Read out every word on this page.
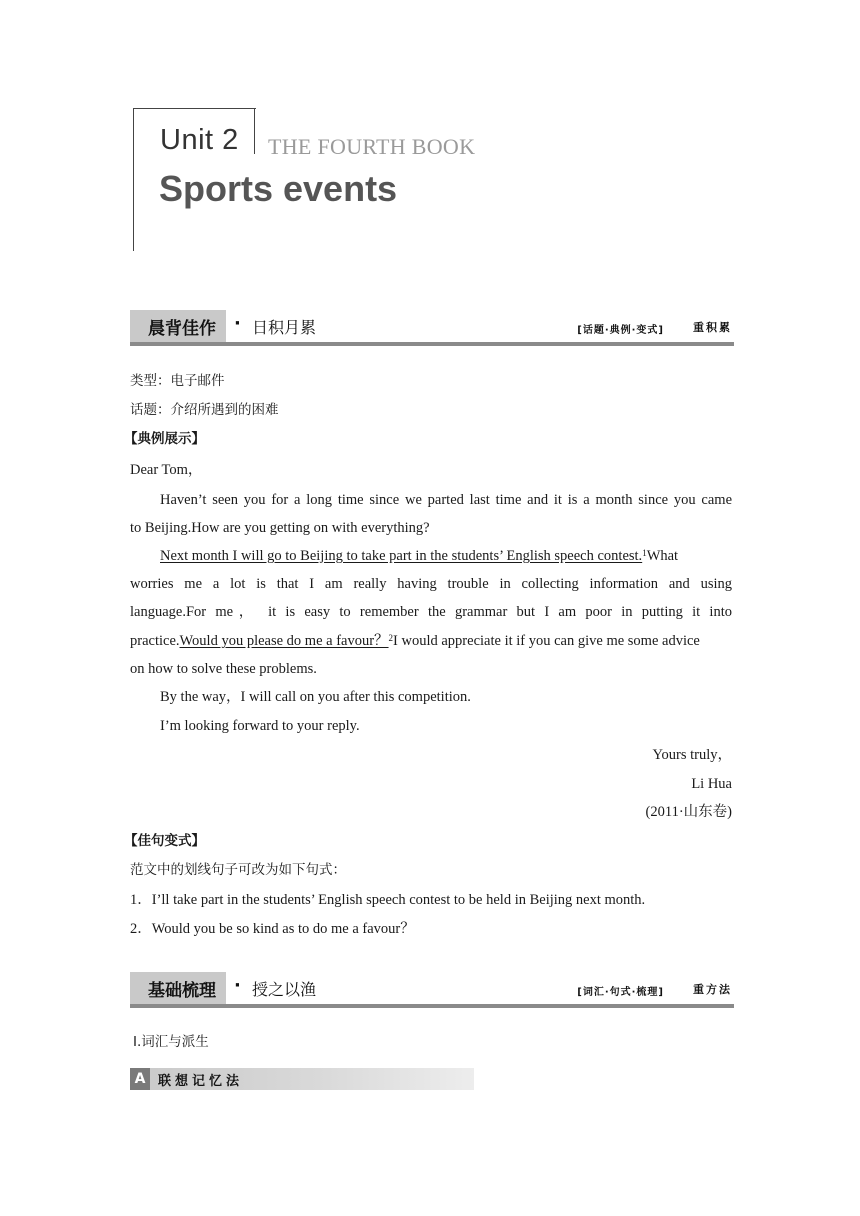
Unit 2 THE FOURTH BOOK
Sports events
晨背佳作 · 日积月累	[话题·典例·变式]	重积累
类型：电子邮件
话题：介绍所遇到的困难
【典例展示】
Dear Tom，
Haven’t seen you for a long time since we parted last time and it is a month since you came
to Beijing.How are you getting on with everything?
Next month I will go to Beijing to take part in the students’ English speech contest.$^1$What
worries me a lot is that I am really having trouble in collecting information and using
language.For me， it is easy to remember the grammar but I am poor in putting it into
practice.Would you please do me a favour？$^2$I would appreciate it if you can give me some advice
on how to solve these problems.
By the way，I will call on you after this competition.
I’m looking forward to your reply.
Yours truly，
Li Hua
(2011·山东卷)
【佳句变式】
范文中的划线句子可改为如下句式：
1．I’ll take part in the students’ English speech contest to be held in Beijing next month.
2．Would you be so kind as to do me a favour？
基础梳理 · 授之以渔	[词汇·句式·梳理]	重方法
Ⅰ.词汇与派生
A 联想记忆法
